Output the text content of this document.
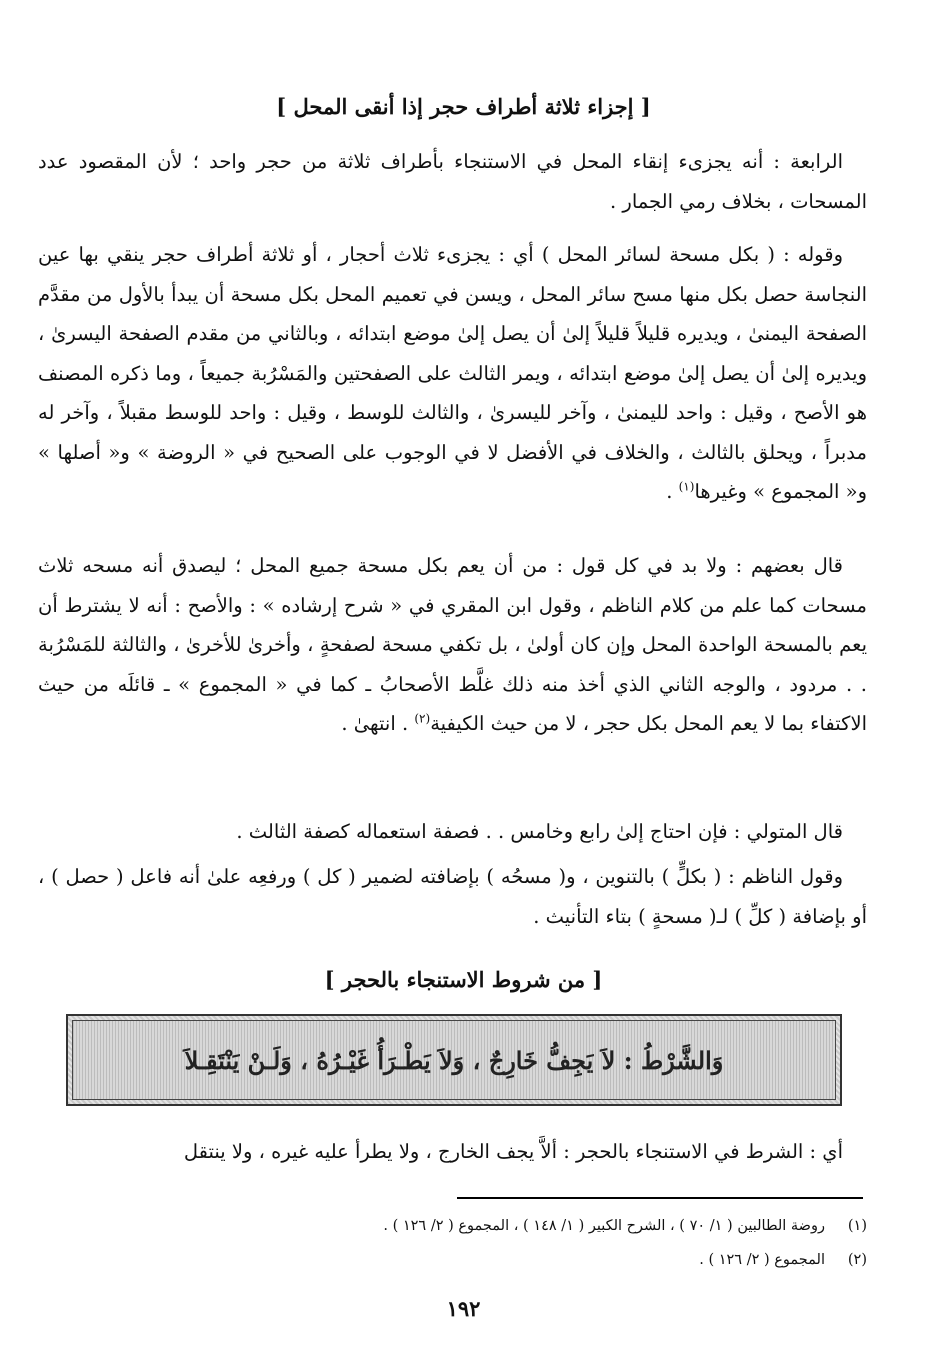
[ إجزاء ثلاثة أطراف حجر إذا أنقى المحل ]

الرابعة : أنه يجزىء إنقاء المحل في الاستنجاء بأطراف ثلاثة من حجر واحد ؛ لأن المقصود عدد المسحات ، بخلاف رمي الجمار .

وقوله : ( بكل مسحة لسائر المحل ) أي : يجزىء ثلاث أحجار ، أو ثلاثة أطراف حجر ينقي بها عين النجاسة حصل بكل منها مسح سائر المحل ، ويسن في تعميم المحل بكل مسحة أن يبدأ بالأول من مقدَّم الصفحة اليمنىٰ ، ويديره قليلاً قليلاً إلىٰ أن يصل إلىٰ موضع ابتدائه ، وبالثاني من مقدم الصفحة اليسرىٰ ، ويديره إلىٰ أن يصل إلىٰ موضع ابتدائه ، ويمر الثالث على الصفحتين والمَسْرُبة جميعاً ، وما ذكره المصنف هو الأصح ، وقيل : واحد لليمنىٰ ، وآخر لليسرىٰ ، والثالث للوسط ، وقيل : واحد للوسط مقبلاً ، وآخر له مدبراً ، ويحلق بالثالث ، والخلاف في الأفضل لا في الوجوب على الصحيح في « الروضة » و« أصلها » و« المجموع » وغيرها$^{(١)}$ .

قال بعضهم : ولا بد في كل قول : من أن يعم بكل مسحة جميع المحل ؛ ليصدق أنه مسحه ثلاث مسحات كما علم من كلام الناظم ، وقول ابن المقري في « شرح إرشاده » : والأصح : أنه لا يشترط أن يعم بالمسحة الواحدة المحل وإن كان أولىٰ ، بل تكفي مسحة لصفحةٍ ، وأخرىٰ للأخرىٰ ، والثالثة للمَسْرُبة . . مردود ، والوجه الثاني الذي أخذ منه ذلك غلَّط الأصحابُ ـ كما في « المجموع » ـ قائلَه من حيث الاكتفاء بما لا يعم المحل بكل حجر ، لا من حيث الكيفية$^{(٢)}$ . انتهىٰ .

قال المتولي : فإن احتاج إلىٰ رابع وخامس . . فصفة استعماله كصفة الثالث .

وقول الناظم : ( بكلٍّ ) بالتنوين ، و( مسحُه ) بإضافته لضمير ( كل ) ورفعِه علىٰ أنه فاعل ( حصل ) ، أو بإضافة ( كلِّ ) لـ( مسحةٍ ) بتاء التأنيث .

[ من شروط الاستنجاء بالحجر ]
وَالشَّرْطُ : لاَ يَجِفُّ خَارِجٌ ، وَلاَ يَطْـرَأُ غَيْـرُهُ ، وَلَـنْ يَنْتَقِـلاَ

أي : الشرط في الاستنجاء بالحجر : ألاَّ يجف الخارج ، ولا يطرأ عليه غيره ، ولا ينتقل

(١)روضة الطالبين ( ١/ ٧٠ ) ، الشرح الكبير ( ١/ ١٤٨ ) ، المجموع ( ٢/ ١٢٦ ) .
(٢)المجموع ( ٢/ ١٢٦ ) .
١٩٢
